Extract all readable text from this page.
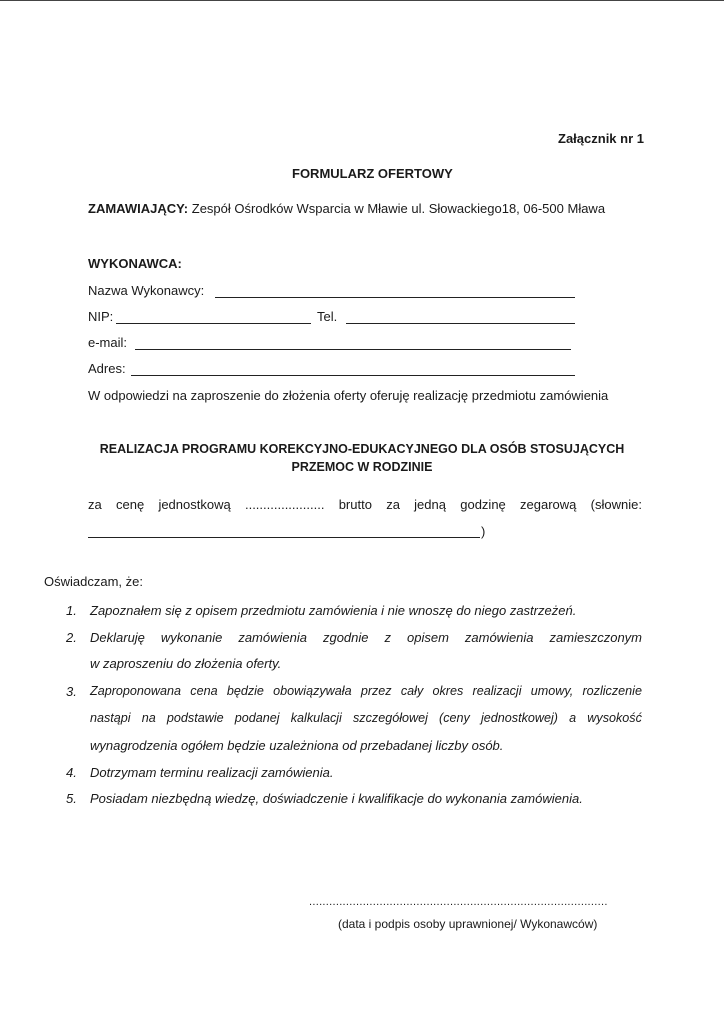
Załącznik nr 1
FORMULARZ OFERTOWY
ZAMAWIAJĄCY: Zespół Ośrodków Wsparcia w Mławie ul. Słowackiego18, 06-500 Mława
WYKONAWCA:
Nazwa Wykonawcy:
NIP:	Tel.
e-mail:
Adres:
W odpowiedzi na zaproszenie do złożenia oferty oferuję realizację przedmiotu zamówienia
REALIZACJA PROGRAMU KOREKCYJNO-EDUKACYJNEGO DLA OSÓB STOSUJĄCYCH
PRZEMOC W RODZINIE
za cenę jednostkową ...................... brutto za jedną godzinę zegarową (słownie:
)
Oświadczam, że:
1. Zapoznałem się z opisem przedmiotu zamówienia i nie wnoszę do niego zastrzeżeń.
2. Deklaruję wykonanie zamówienia zgodnie z opisem zamówienia zamieszczonym
w zaproszeniu do złożenia oferty.
3. Zaproponowana cena będzie obowiązywała przez cały okres realizacji umowy, rozliczenie
nastąpi na podstawie podanej kalkulacji szczegółowej (ceny jednostkowej) a wysokość
wynagrodzenia ogółem będzie uzależniona od przebadanej liczby osób.
4. Dotrzymam terminu realizacji zamówienia.
5. Posiadam niezbędną wiedzę, doświadczenie i kwalifikacje do wykonania zamówienia.
.........................................................................................
(data i podpis osoby uprawnionej/ Wykonawców)
